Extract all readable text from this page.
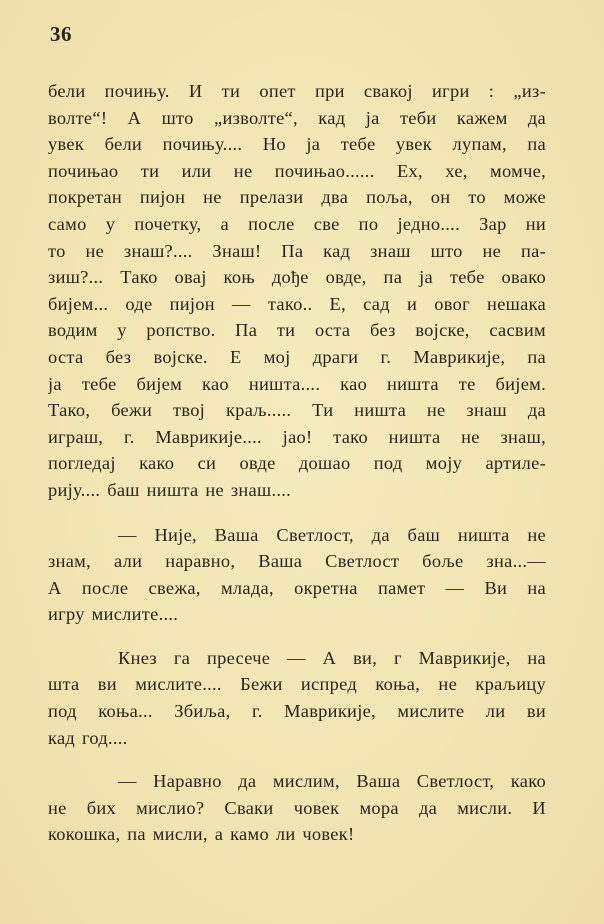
36

бели почињу. И ти опет при свакој игри : „из-
волте“! А што „изволте“, кад ја теби кажем да
увек бели почињу.... Но ја тебе увек лупам, па
почињао ти или не почињао...... Ех, хе, момче,
покретан пијон не прелази два поља, он то може
само у почетку, а после све по једно.... Зар ни
то не знаш?.... Знаш! Па кад знаш што не па-
зиш?... Тако овај коњ дође овде, па ја тебе овако
бијем... оде пијон — тако.. Е, сад и овог нешака
водим у ропство. Па ти оста без војске, сасвим
оста без војске. Е мој драги г. Маврикије, па
ја тебе бијем као ништа.... као ништа те бијем.
Тако, бежи твој краљ..... Ти ништа не знаш да
играш, г. Маврикије.... јао! тако ништа не знаш,
погледај како си овде дошао под моју артиле-
рију.... баш ништа не знаш....

— Није, Ваша Светлост, да баш ништа не
знам, али наравно, Ваша Светлост боље зна...—
А после свежа, млада, окретна памет — Ви на
игру мислите....

Кнез га пресече — А ви, г Маврикије, на
шта ви мислите.... Бежи испред коња, не краљицу
под коња... Збиља, г. Маврикије, мислите ли ви
кад год....

— Наравно да мислим, Ваша Светлост, како
не бих мислио? Сваки човек мора да мисли. И
кокошка, па мисли, а камо ли човек!
